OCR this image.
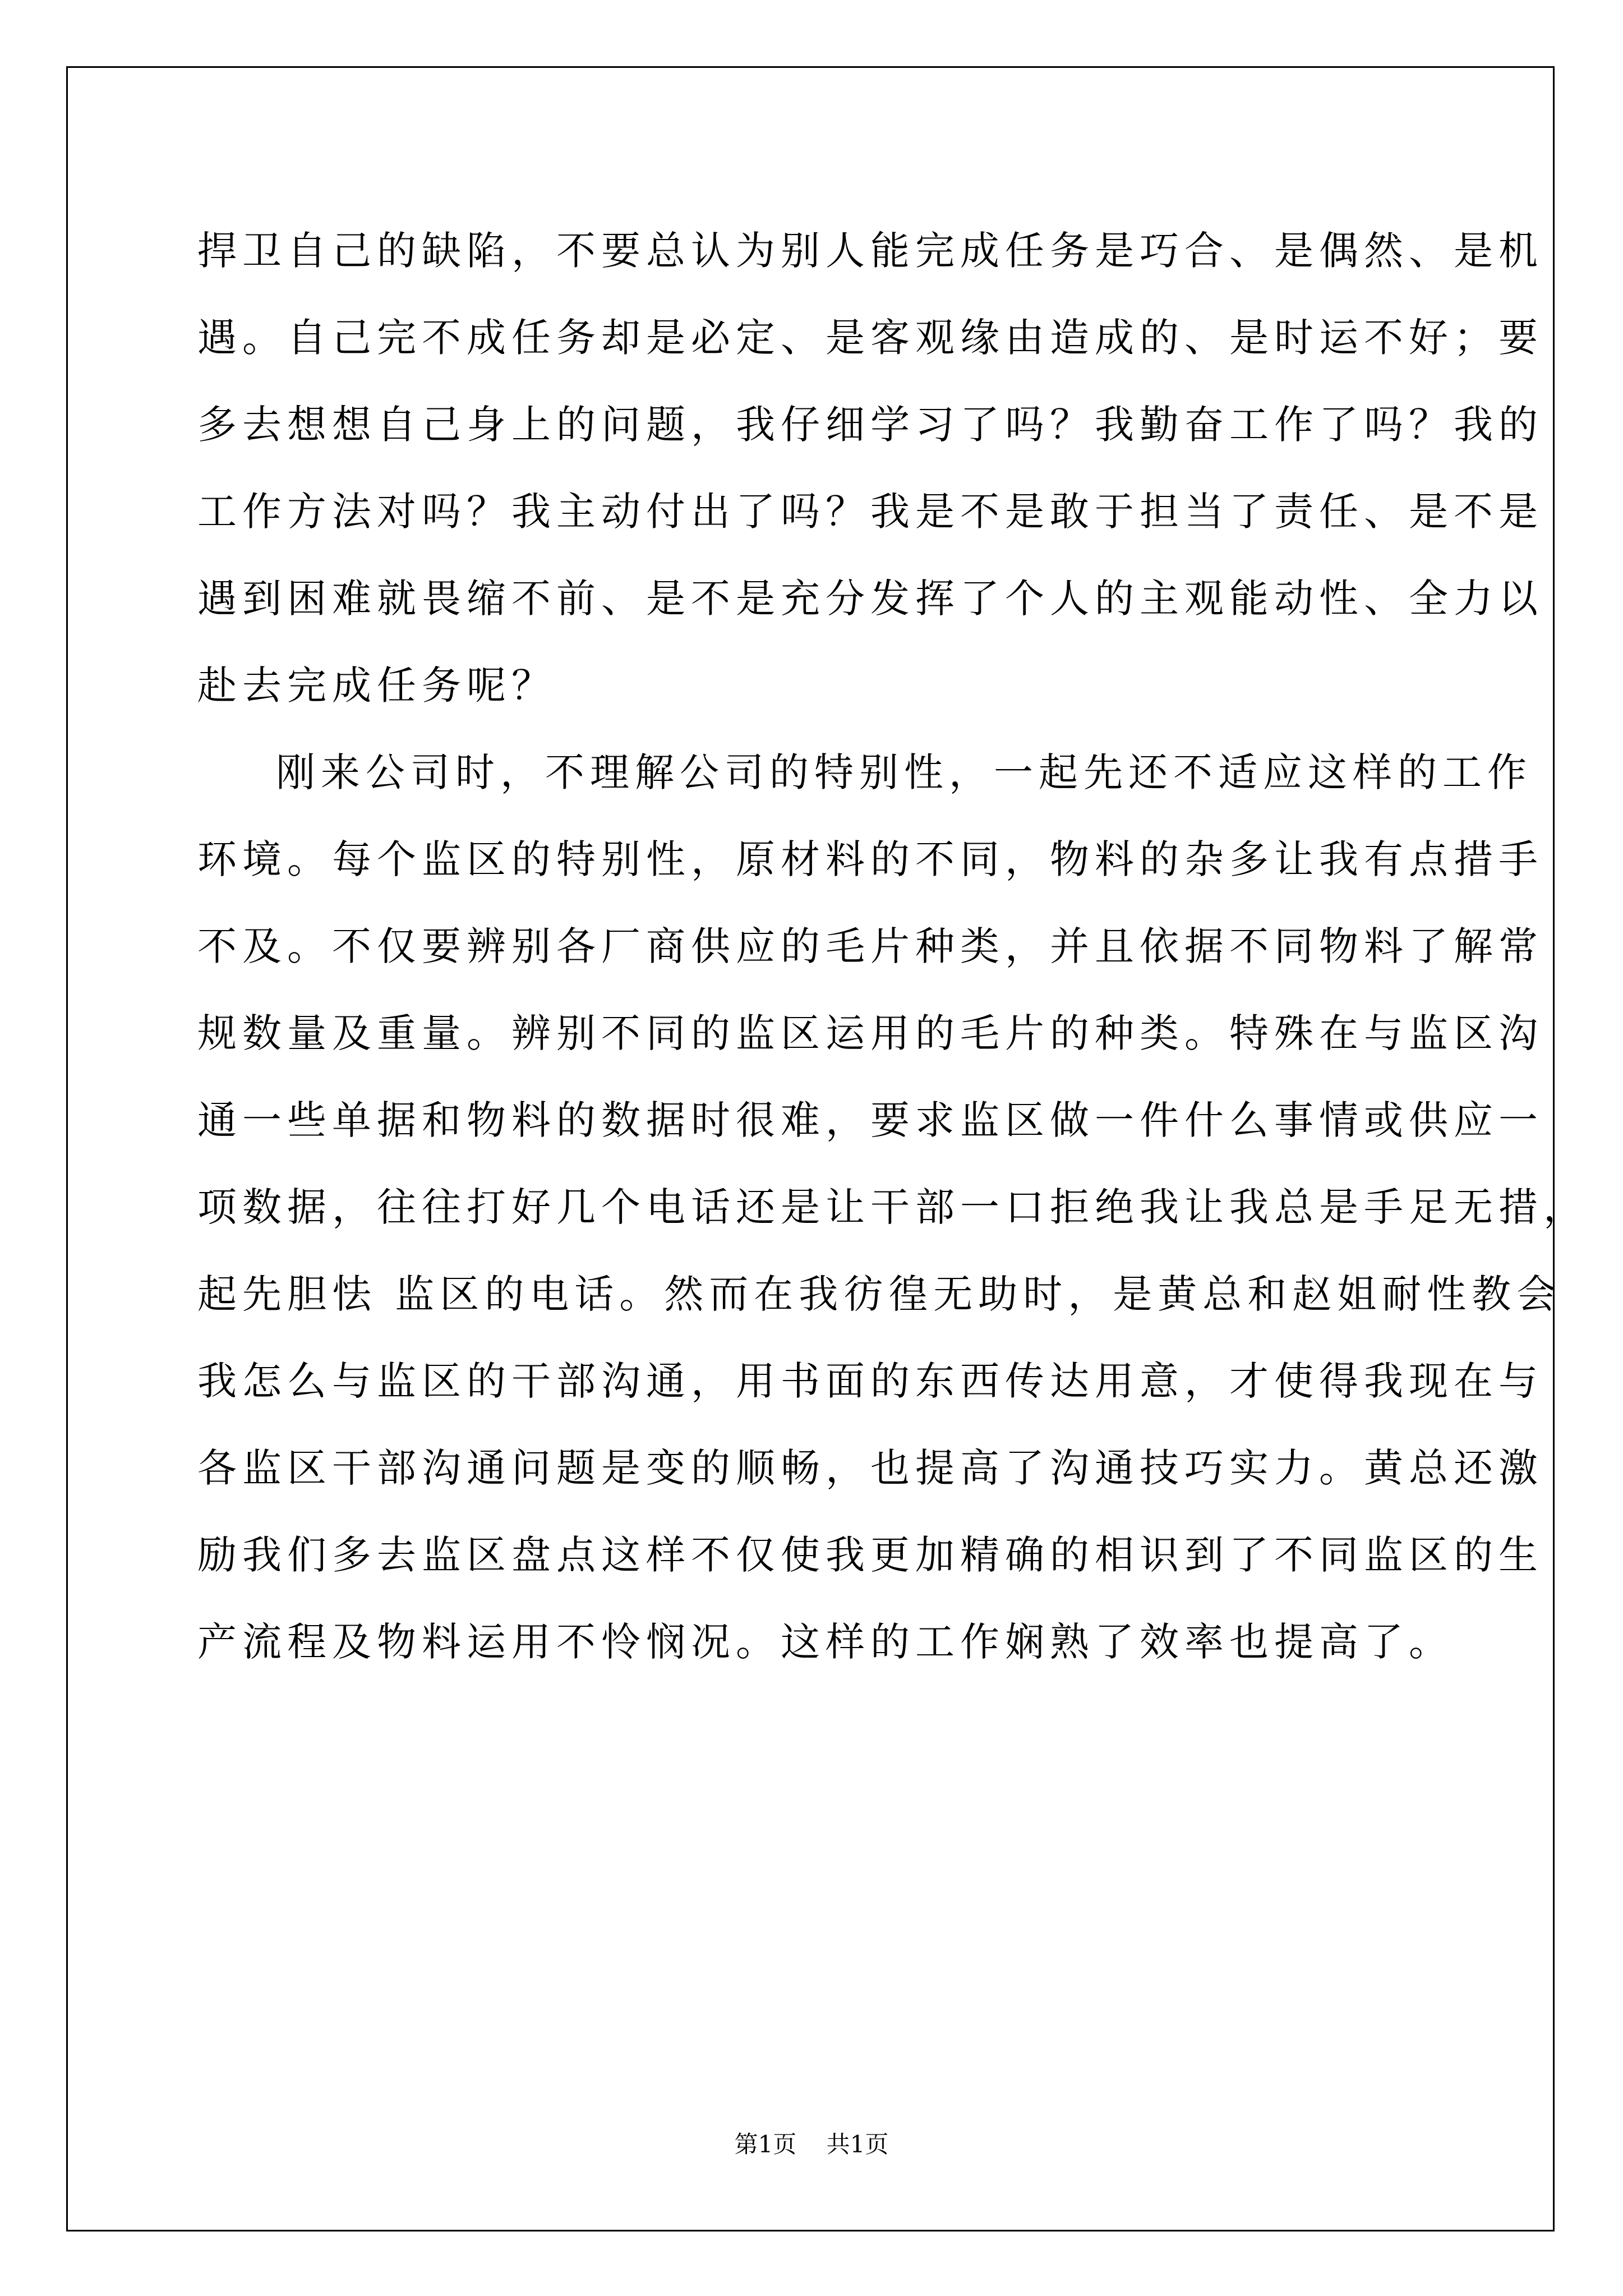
捍卫自己的缺陷，不要总认为别人能完成任务是巧合、是偶然、是机
遇。自己完不成任务却是必定、是客观缘由造成的、是时运不好；要
多去想想自己身上的问题，我仔细学习了吗？我勤奋工作了吗？我的
工作方法对吗？我主动付出了吗？我是不是敢于担当了责任、是不是
遇到困难就畏缩不前、是不是充分发挥了个人的主观能动性、全力以
赴去完成任务呢？
刚来公司时，不理解公司的特别性，一起先还不适应这样的工作
环境。每个监区的特别性，原材料的不同，物料的杂多让我有点措手
不及。不仅要辨别各厂商供应的毛片种类，并且依据不同物料了解常
规数量及重量。辨别不同的监区运用的毛片的种类。特殊在与监区沟
通一些单据和物料的数据时很难，要求监区做一件什么事情或供应一
项数据，往往打好几个电话还是让干部一口拒绝我让我总是手足无措，
起先胆怯 监区的电话。然而在我彷徨无助时，是黄总和赵姐耐性教会
我怎么与监区的干部沟通，用书面的东西传达用意，才使得我现在与
各监区干部沟通问题是变的顺畅，也提高了沟通技巧实力。黄总还激
励我们多去监区盘点这样不仅使我更加精确的相识到了不同监区的生
产流程及物料运用不怜悯况。这样的工作娴熟了效率也提高了。
第1页 共1页
